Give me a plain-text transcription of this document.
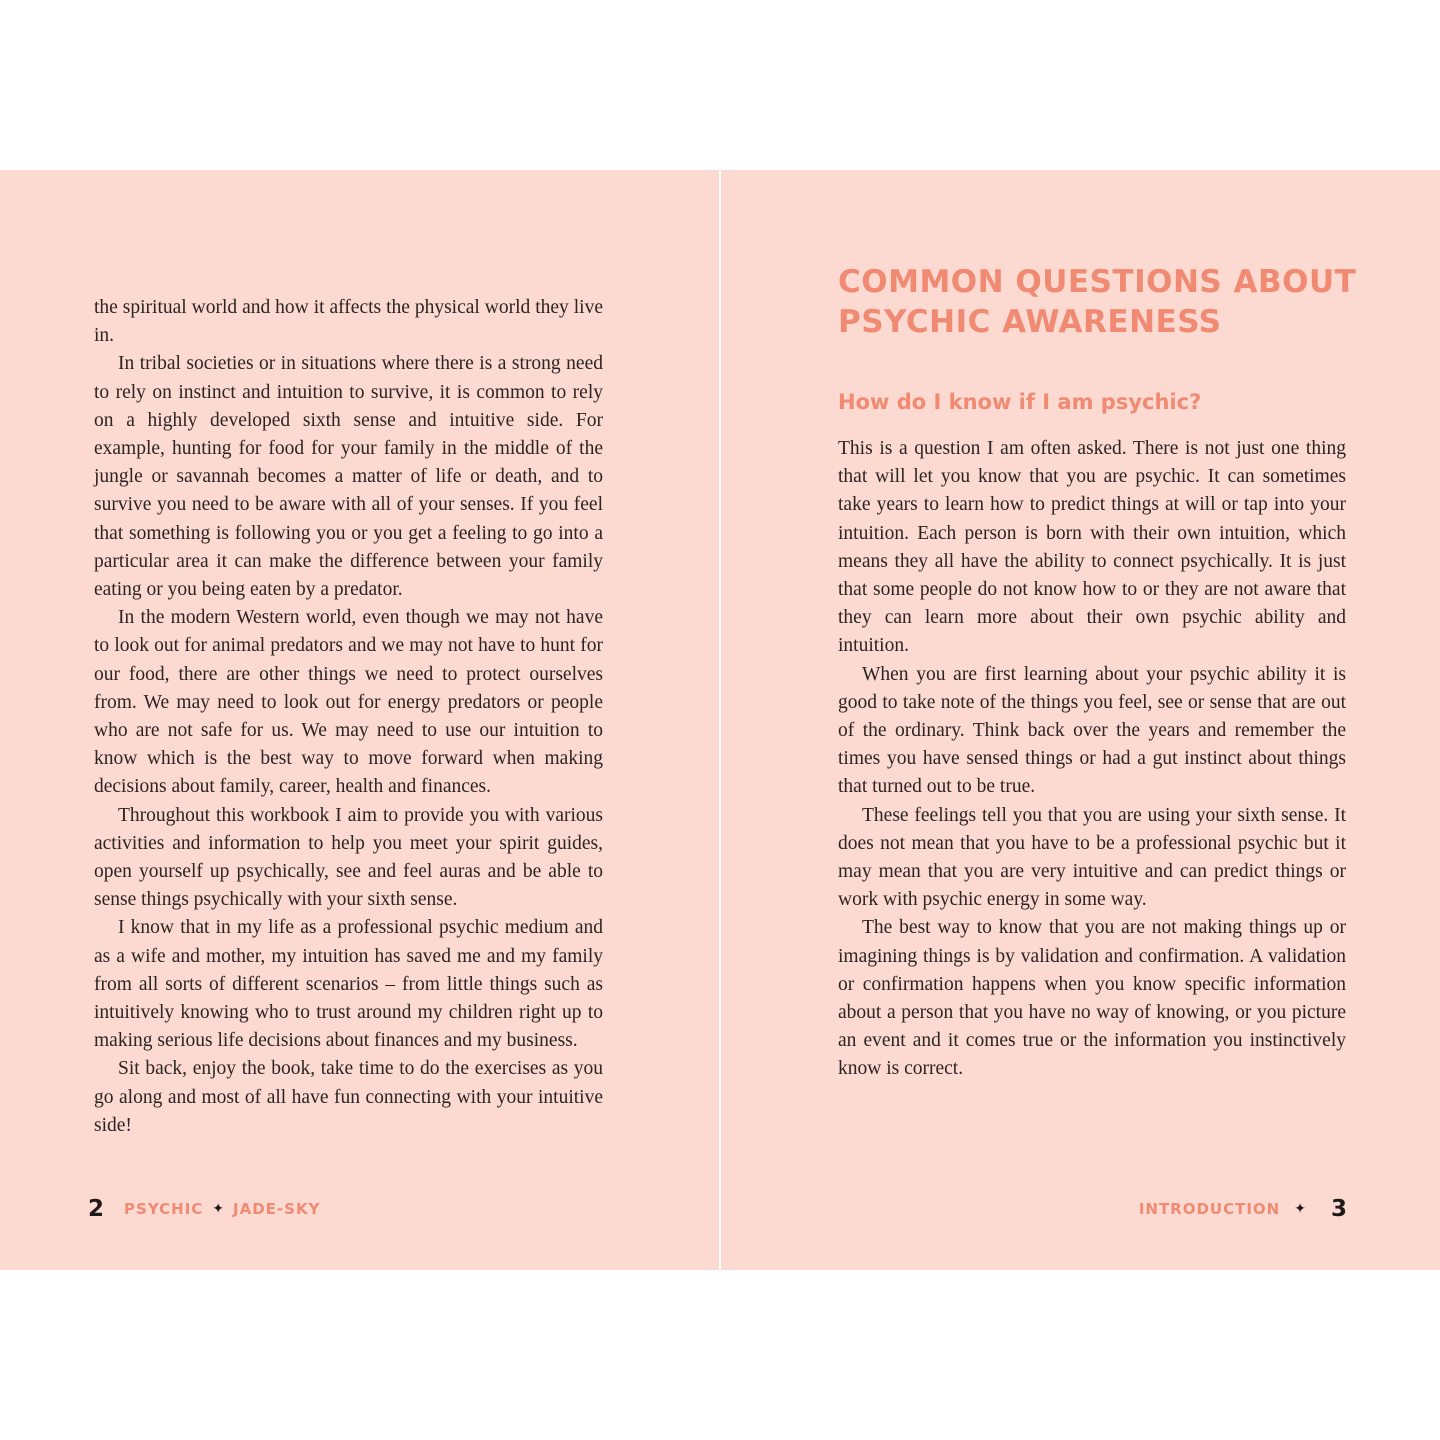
the spiritual world and how it affects the physical world they live in.

In tribal societies or in situations where there is a strong need to rely on instinct and intuition to survive, it is common to rely on a highly developed sixth sense and intuitive side. For example, hunting for food for your family in the middle of the jungle or savannah becomes a matter of life or death, and to survive you need to be aware with all of your senses. If you feel that something is following you or you get a feeling to go into a particular area it can make the difference between your family eating or you being eaten by a predator.

In the modern Western world, even though we may not have to look out for animal predators and we may not have to hunt for our food, there are other things we need to protect ourselves from. We may need to look out for energy predators or people who are not safe for us. We may need to use our intuition to know which is the best way to move forward when making decisions about family, career, health and finances.

Throughout this workbook I aim to provide you with various activities and information to help you meet your spirit guides, open yourself up psychically, see and feel auras and be able to sense things psychically with your sixth sense.

I know that in my life as a professional psychic medium and as a wife and mother, my intuition has saved me and my family from all sorts of different scenarios – from little things such as intuitively knowing who to trust around my children right up to making serious life decisions about finances and my business.

Sit back, enjoy the book, take time to do the exercises as you go along and most of all have fun connecting with your intuitive side!

2 PSYCHIC ✦ JADE-SKY
COMMON QUESTIONS ABOUT
PSYCHIC AWARENESS
How do I know if I am psychic?

This is a question I am often asked. There is not just one thing that will let you know that you are psychic. It can sometimes take years to learn how to predict things at will or tap into your intuition. Each person is born with their own intuition, which means they all have the ability to connect psychically. It is just that some people do not know how to or they are not aware that they can learn more about their own psychic ability and intuition.

When you are first learning about your psychic ability it is good to take note of the things you feel, see or sense that are out of the ordinary. Think back over the years and remember the times you have sensed things or had a gut instinct about things that turned out to be true.

These feelings tell you that you are using your sixth sense. It does not mean that you have to be a professional psychic but it may mean that you are very intuitive and can predict things or work with psychic energy in some way.

The best way to know that you are not making things up or imagining things is by validation and confirmation. A validation or confirmation happens when you know specific information about a person that you have no way of knowing, or you picture an event and it comes true or the information you instinctively know is correct.

INTRODUCTION ✦ 3
